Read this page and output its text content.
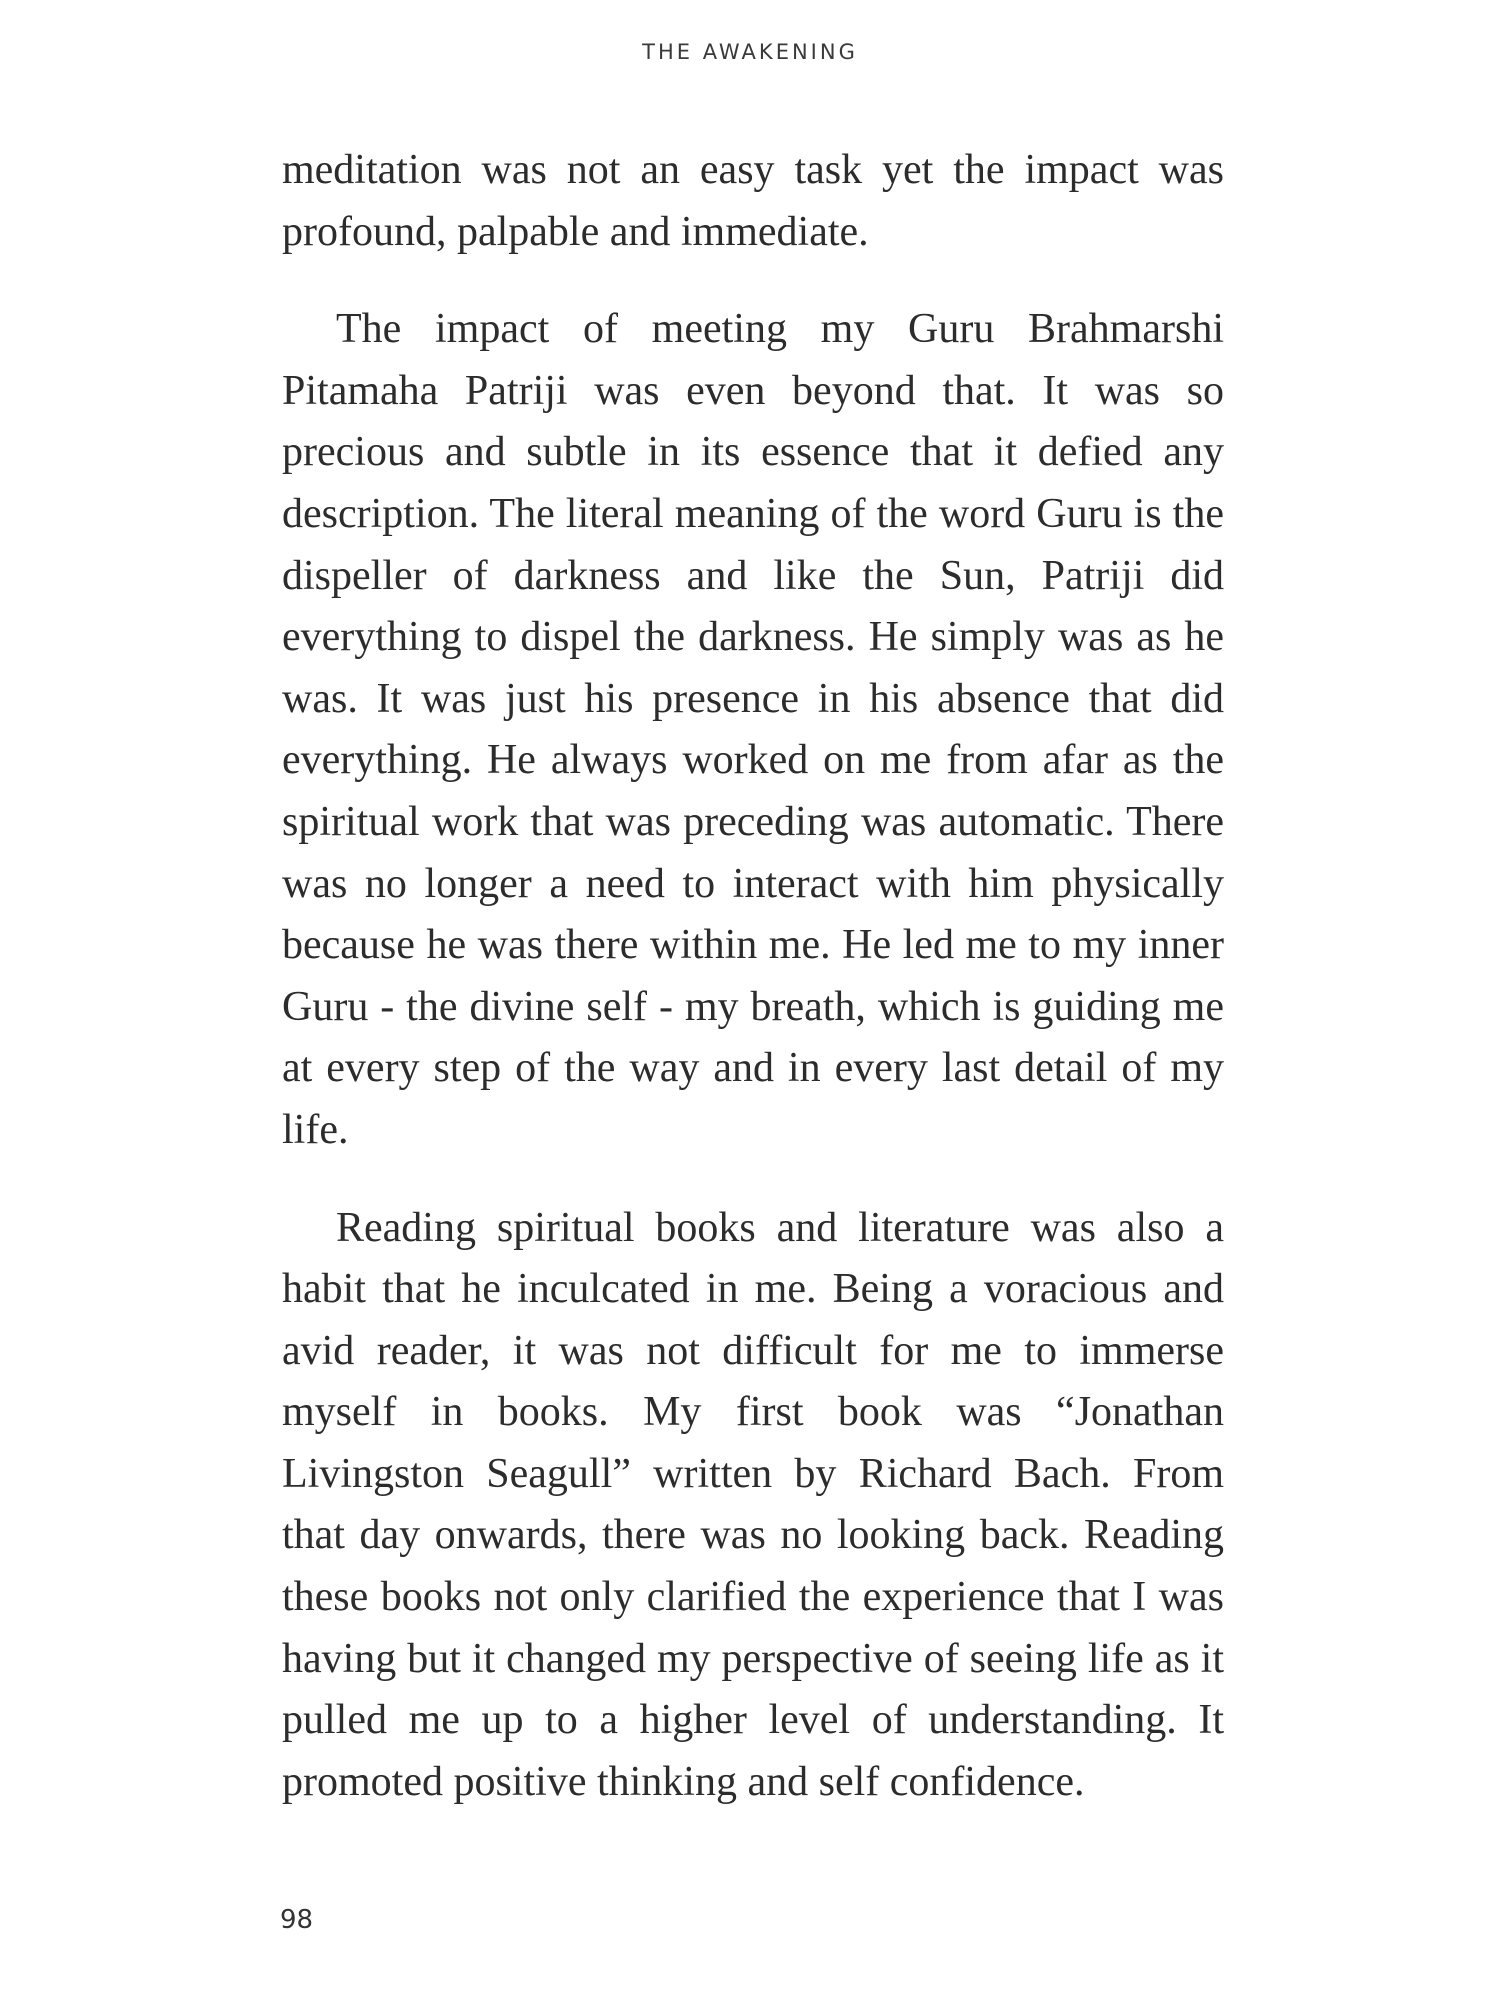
THE AWAKENING

meditation was not an easy task yet the impact was profound, palpable and immediate.

The impact of meeting my Guru Brahmarshi Pitamaha Patriji was even beyond that. It was so precious and subtle in its essence that it defied any description. The literal meaning of the word Guru is the dispeller of darkness and like the Sun, Patriji did everything to dispel the darkness. He simply was as he was. It was just his presence in his absence that did everything. He always worked on me from afar as the spiritual work that was preceding was automatic. There was no longer a need to interact with him physically because he was there within me. He led me to my inner Guru - the divine self - my breath, which is guiding me at every step of the way and in every last detail of my life.

Reading spiritual books and literature was also a habit that he inculcated in me. Being a voracious and avid reader, it was not difficult for me to immerse myself in books. My first book was “Jonathan Livingston Seagull” written by Richard Bach. From that day onwards, there was no looking back. Reading these books not only clarified the experience that I was having but it changed my perspective of seeing life as it pulled me up to a higher level of understanding. It promoted positive thinking and self confidence.

98
